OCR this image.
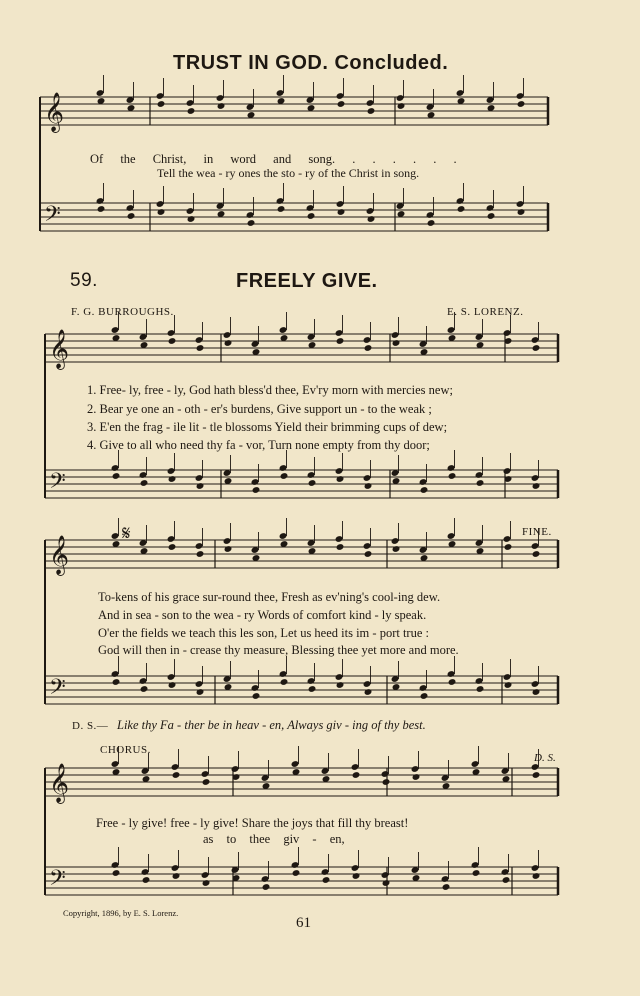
𝄞
𝄢
𝄞
𝄢
𝄞
𝄢
𝄞
𝄢
TRUST IN GOD. Concluded.
Of the Christ, in word and song. . . . . . .
Tell the wea - ry ones the sto - ry of the Christ in song.
59.	FREELY GIVE.
F. G. BURROUGHS.	E. S. LORENZ.
1. Free- ly, free - ly, God hath bless'd thee, Ev'ry morn with mercies new;
2. Bear ye one an - oth - er's burdens, Give support un - to the weak ;
3. E'en the frag - ile lit - tle blossoms Yield their brimming cups of dew;
4. Give to all who need thy fa - vor, Turn none empty from thy door;
𝄋	FINE.
To-kens of his grace sur-round thee, Fresh as ev'ning's cool-ing dew.
And in sea - son to the wea - ry Words of comfort kind - ly speak.
O'er the fields we teach this les son, Let us heed its im - port true :
God will then in - crease thy measure, Blessing thee yet more and more.
D. S.— Like thy Fa - ther be in heav - en, Always giv - ing of thy best.
CHORUS.
D. S.
Free - ly give! free - ly give! Share the joys that fill thy breast!
as to thee giv - en,
Copyright, 1896, by E. S. Lorenz.
61
